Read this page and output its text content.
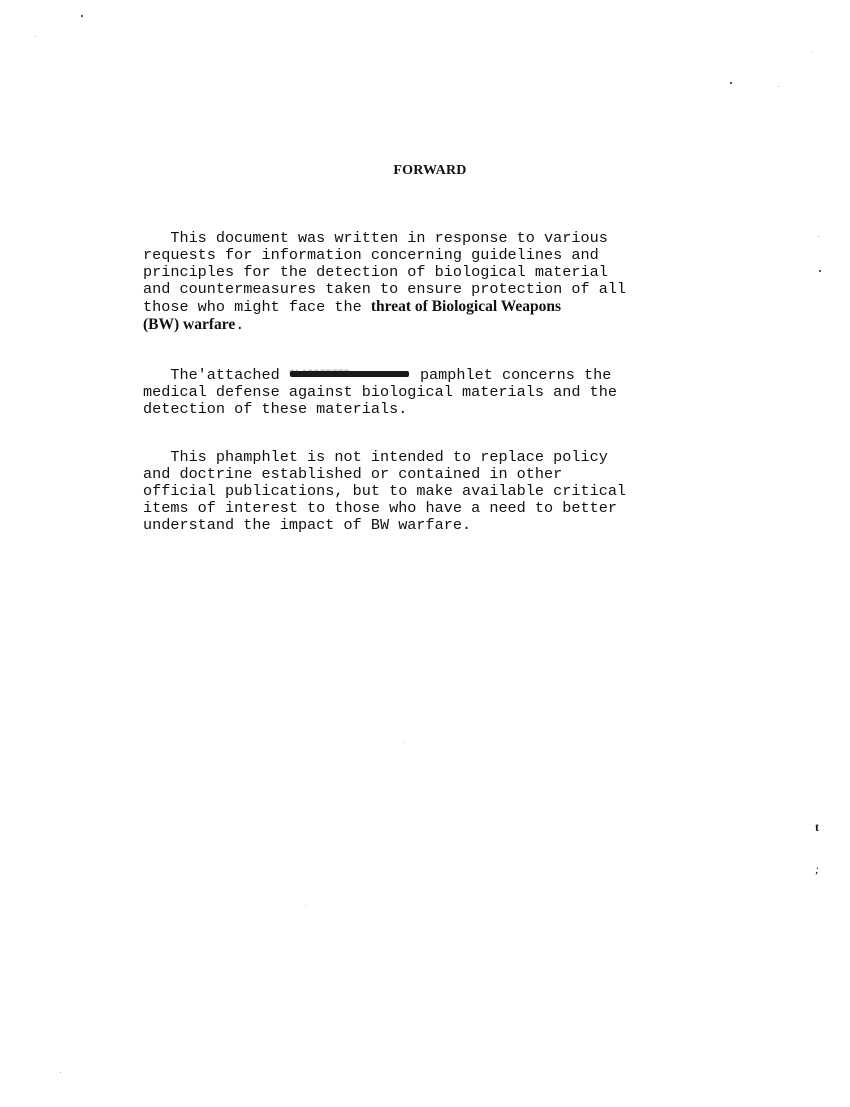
FORWARD
This document was written in response to various
requests for information concerning guidelines and
principles for the detection of biological material
and countermeasures taken to ensure protection of all
those who might face the threat of Biological Weapons
(BW) warfare.
The'attached	pamphlet concerns the
medical defense against biological materials and the
detection of these materials.
This phamphlet is not intended to replace policy
and doctrine established or contained in other
official publications, but to make available critical
items of interest to those who have a need to better
understand the impact of BW warfare.
t
;
